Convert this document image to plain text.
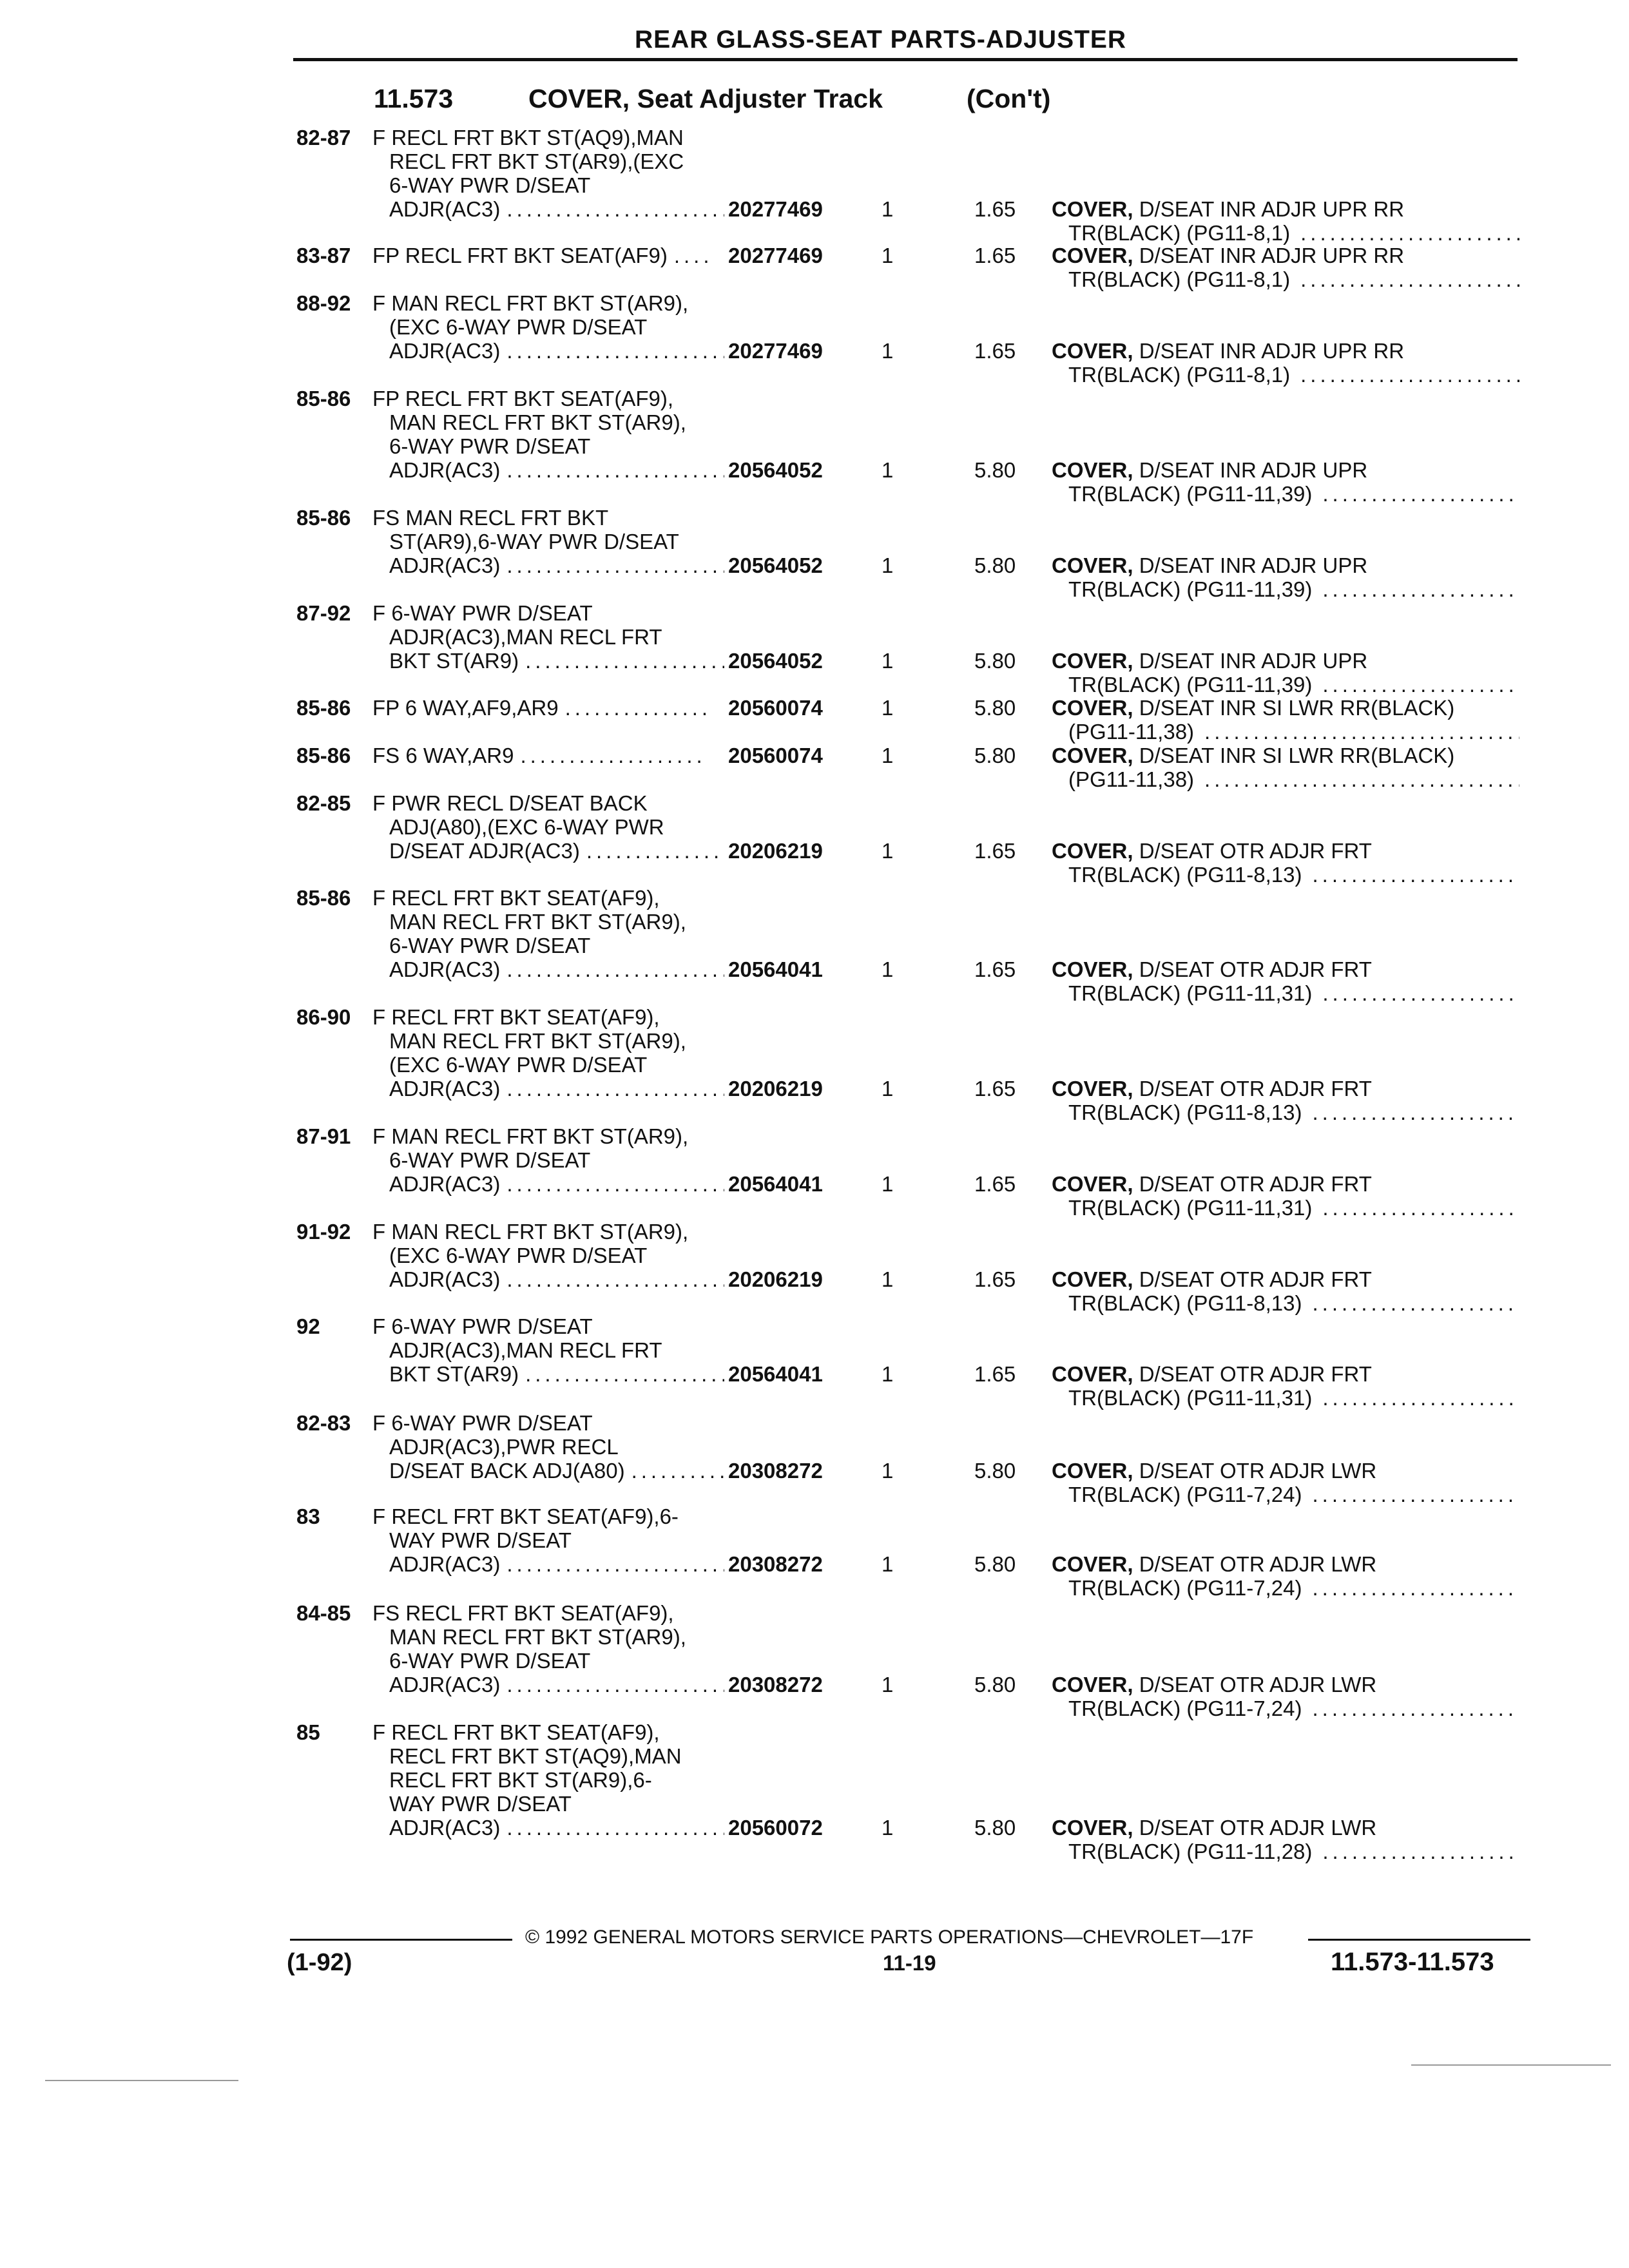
REAR GLASS-SEAT PARTS-ADJUSTER
11.573	COVER, Seat Adjuster Track	(Con't)
82-87 F RECL FRT BKT ST(AQ9),MAN
RECL FRT BKT ST(AR9),(EXC
6-WAY PWR D/SEAT
ADJR(AC3) .....	20277469	1	1.65 COVER, D/SEAT INR ADJR UPR RR
TR(BLACK) (PG11-8,1)
.....
83-87 FP RECL FRT BKT SEAT(AF9) .....	20277469	1	1.65 COVER, D/SEAT INR ADJR UPR RR
TR(BLACK) (PG11-8,1)
.....
88-92 F MAN RECL FRT BKT ST(AR9),
(EXC 6-WAY PWR D/SEAT
ADJR(AC3) .....	20277469	1	1.65 COVER, D/SEAT INR ADJR UPR RR
TR(BLACK) (PG11-8,1)
.....
85-86 FP RECL FRT BKT SEAT(AF9),
MAN RECL FRT BKT ST(AR9),
6-WAY PWR D/SEAT
ADJR(AC3) .....	20564052	1	5.80 COVER, D/SEAT INR ADJR UPR
TR(BLACK) (PG11-11,39)
.....
85-86 FS MAN RECL FRT BKT
ST(AR9),6-WAY PWR D/SEAT
ADJR(AC3) .....	20564052	1	5.80 COVER, D/SEAT INR ADJR UPR
TR(BLACK) (PG11-11,39)
.....
87-92 F 6-WAY PWR D/SEAT
ADJR(AC3),MAN RECL FRT
BKT ST(AR9) .....	20564052	1	5.80 COVER, D/SEAT INR ADJR UPR
TR(BLACK) (PG11-11,39)
.....
85-86 FP 6 WAY,AF9,AR9 .....	20560074	1	5.80 COVER, D/SEAT INR SI LWR RR(BLACK)
(PG11-11,38)
.....
85-86 FS 6 WAY,AR9 .....	20560074	1	5.80 COVER, D/SEAT INR SI LWR RR(BLACK)
(PG11-11,38)
.....
82-85 F PWR RECL D/SEAT BACK
ADJ(A80),(EXC 6-WAY PWR
D/SEAT ADJR(AC3) .....	20206219	1	1.65 COVER, D/SEAT OTR ADJR FRT
TR(BLACK) (PG11-8,13)
.....
85-86 F RECL FRT BKT SEAT(AF9),
MAN RECL FRT BKT ST(AR9),
6-WAY PWR D/SEAT
ADJR(AC3) .....	20564041	1	1.65 COVER, D/SEAT OTR ADJR FRT
TR(BLACK) (PG11-11,31)
.....
86-90 F RECL FRT BKT SEAT(AF9),
MAN RECL FRT BKT ST(AR9),
(EXC 6-WAY PWR D/SEAT
ADJR(AC3) .....	20206219	1	1.65 COVER, D/SEAT OTR ADJR FRT
TR(BLACK) (PG11-8,13)
.....
87-91 F MAN RECL FRT BKT ST(AR9),
6-WAY PWR D/SEAT
ADJR(AC3) .....	20564041	1	1.65 COVER, D/SEAT OTR ADJR FRT
TR(BLACK) (PG11-11,31)
.....
91-92 F MAN RECL FRT BKT ST(AR9),
(EXC 6-WAY PWR D/SEAT
ADJR(AC3) .....	20206219	1	1.65 COVER, D/SEAT OTR ADJR FRT
TR(BLACK) (PG11-8,13)
.....
92 F 6-WAY PWR D/SEAT
ADJR(AC3),MAN RECL FRT
BKT ST(AR9) .....	20564041	1	1.65 COVER, D/SEAT OTR ADJR FRT
TR(BLACK) (PG11-11,31)
.....
82-83 F 6-WAY PWR D/SEAT
ADJR(AC3),PWR RECL
D/SEAT BACK ADJ(A80) .....	20308272	1	5.80 COVER, D/SEAT OTR ADJR LWR
TR(BLACK) (PG11-7,24)
.....
83 F RECL FRT BKT SEAT(AF9),6-
WAY PWR D/SEAT
ADJR(AC3) .....	20308272	1	5.80 COVER, D/SEAT OTR ADJR LWR
TR(BLACK) (PG11-7,24)
.....
84-85 FS RECL FRT BKT SEAT(AF9),
MAN RECL FRT BKT ST(AR9),
6-WAY PWR D/SEAT
ADJR(AC3) .....	20308272	1	5.80 COVER, D/SEAT OTR ADJR LWR
TR(BLACK) (PG11-7,24)
.....
85 F RECL FRT BKT SEAT(AF9),
RECL FRT BKT ST(AQ9),MAN
RECL FRT BKT ST(AR9),6-
WAY PWR D/SEAT
ADJR(AC3) .....	20560072	1	5.80 COVER, D/SEAT OTR ADJR LWR
TR(BLACK) (PG11-11,28)
.....
© 1992 GENERAL MOTORS SERVICE PARTS OPERATIONS—CHEVROLET—17F
(1-92)	11-19	11.573-11.573
